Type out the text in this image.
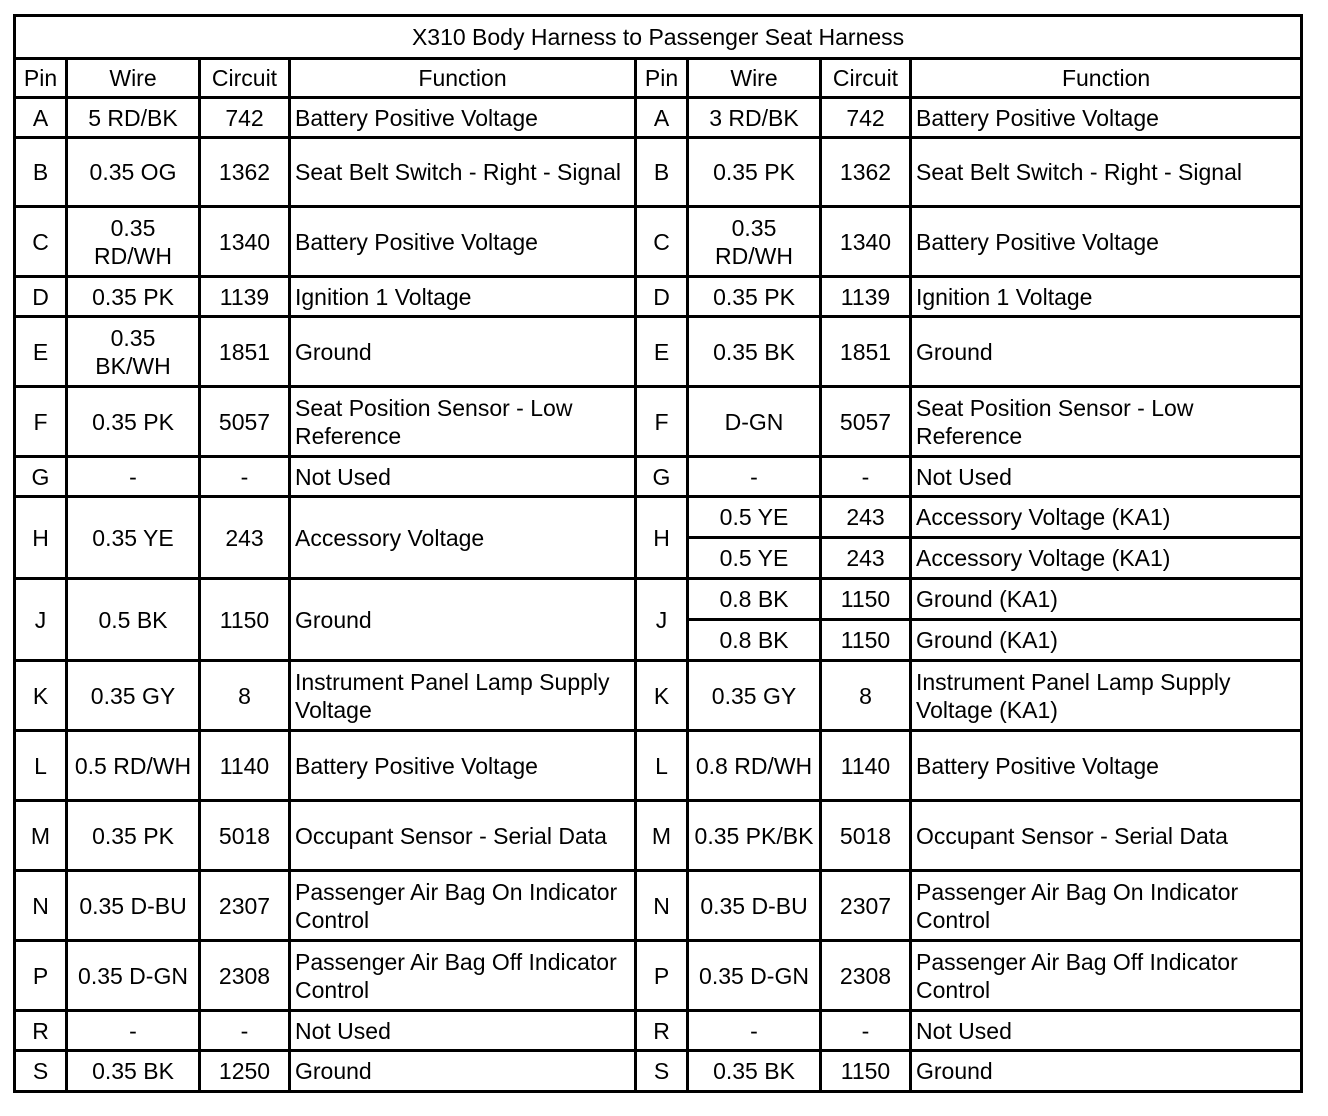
X310 Body Harness to Passenger Seat Harness							
Pin	Wire	Circuit	Function	Pin	Wire	Circuit	Function
A	5 RD/BK	742	Battery Positive Voltage	A	3 RD/BK	742	Battery Positive Voltage
B	0.35 OG	1362	Seat Belt Switch - Right - Signal	B	0.35 PK	1362	Seat Belt Switch - Right - Signal
C	0.35 RD/WH	1340	Battery Positive Voltage	C	0.35 RD/WH	1340	Battery Positive Voltage
D	0.35 PK	1139	Ignition 1 Voltage	D	0.35 PK	1139	Ignition 1 Voltage
E	0.35 BK/WH	1851	Ground	E	0.35 BK	1851	Ground
F	0.35 PK	5057	Seat Position Sensor - Low Reference	F	D-GN	5057	Seat Position Sensor - Low Reference
G	-	-	Not Used	G	-	-	Not Used
H	0.35 YE	243	Accessory Voltage	H	0.5 YE	243	Accessory Voltage (KA1)
					0.5 YE	243	Accessory Voltage (KA1)
J	0.5 BK	1150	Ground	J	0.8 BK	1150	Ground (KA1)
					0.8 BK	1150	Ground (KA1)
K	0.35 GY	8	Instrument Panel Lamp Supply Voltage	K	0.35 GY	8	Instrument Panel Lamp Supply Voltage (KA1)
L	0.5 RD/WH	1140	Battery Positive Voltage	L	0.8 RD/WH	1140	Battery Positive Voltage
M	0.35 PK	5018	Occupant Sensor - Serial Data	M	0.35 PK/BK	5018	Occupant Sensor - Serial Data
N	0.35 D-BU	2307	Passenger Air Bag On Indicator Control	N	0.35 D-BU	2307	Passenger Air Bag On Indicator Control
P	0.35 D-GN	2308	Passenger Air Bag Off Indicator Control	P	0.35 D-GN	2308	Passenger Air Bag Off Indicator Control
R	-	-	Not Used	R	-	-	Not Used
S	0.35 BK	1250	Ground	S	0.35 BK	1150	Ground
